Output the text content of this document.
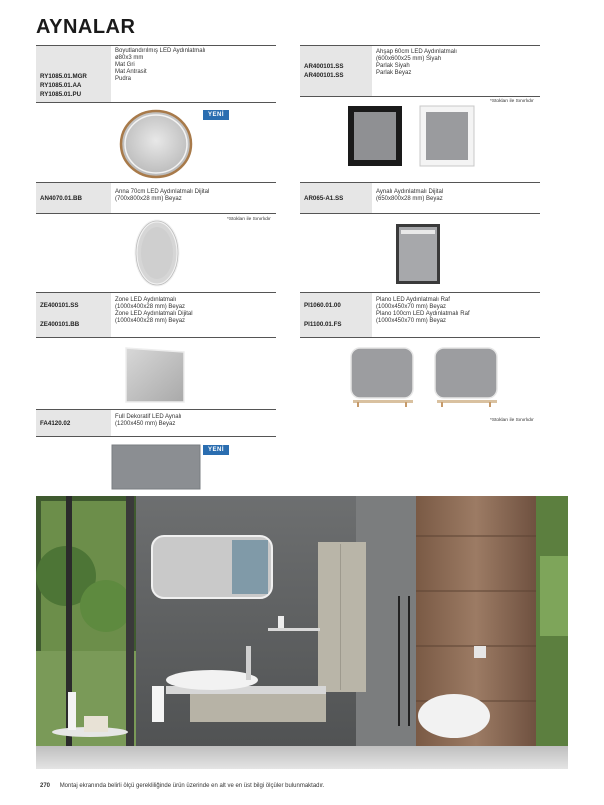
AYNALAR
RY1085.01.MGR
RY1085.01.AA
RY1085.01.PU
Boyutlandırılmış LED Aydınlatmalı
ø80x3 mm
Mat Gri
Mat Antrasit
Pudra
YENİ
AN4070.01.BB
Anna 70cm LED Aydınlatmalı Dijital
(700x800x28 mm) Beyaz
*Stokları ile Sınırlıdır
ZE400101.SS
ZE400101.BB
Zone LED Aydınlatmalı
(1000x400x28 mm) Beyaz
Zone LED Aydınlatmalı Dijital
(1000x400x28 mm) Beyaz
FA4120.02
Full Dekoratif LED Aynalı
(1200x450 mm) Beyaz
YENİ
AR400101.SS
AR400101.SS
Ahşap 60cm LED Aydınlatmalı
(600x600x25 mm) Siyah
Parlak Siyah
Parlak Beyaz
*Stokları ile Sınırlıdır
AR065-A1.SS
Aynalı Aydınlatmalı Dijital
(650x800x28 mm) Beyaz
PI1060.01.00
PI1100.01.FS
Plano LED Aydınlatmalı Raf
(1000x450x70 mm) Beyaz
Plano 100cm LED Aydınlatmalı Raf
(1000x450x70 mm) Beyaz
*Stokları ile Sınırlıdır
270 Montaj ekranında belirli ölçü gerekliliğinde ürün üzerinde en alt ve en üst bilgi ölçüler bulunmaktadır.
